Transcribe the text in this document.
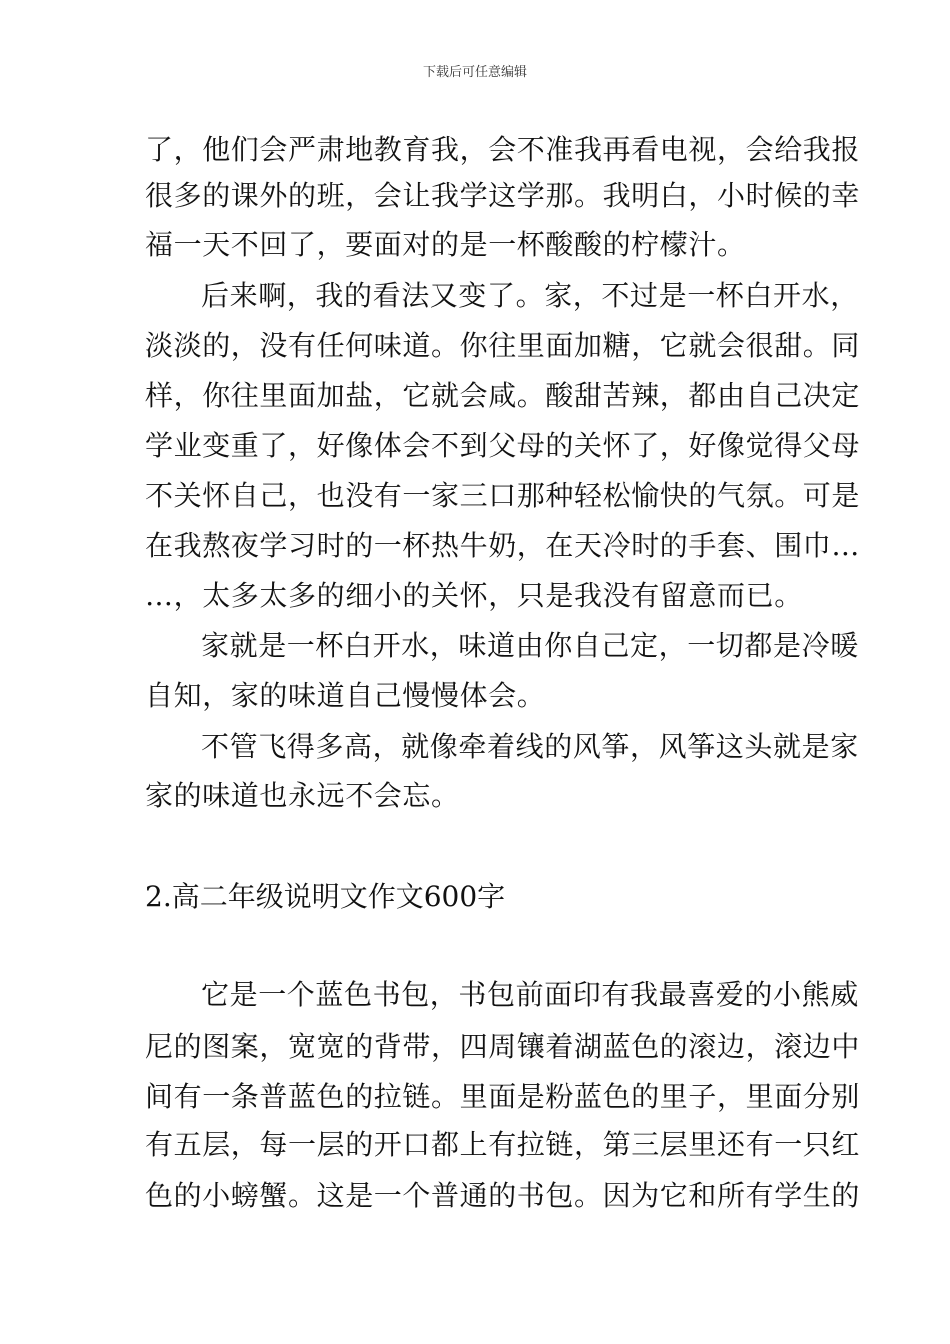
下载后可任意编辑
了，他们会严肃地教育我，会不准我再看电视，会给我报
很多的课外的班，会让我学这学那。我明白，小时候的幸
福一天不回了，要面对的是一杯酸酸的柠檬汁。
后来啊，我的看法又变了。家，不过是一杯白开水，
淡淡的，没有任何味道。你往里面加糖，它就会很甜。同
样，你往里面加盐，它就会咸。酸甜苦辣，都由自己决定
学业变重了，好像体会不到父母的关怀了，好像觉得父母
不关怀自己，也没有一家三口那种轻松愉快的气氛。可是
在我熬夜学习时的一杯热牛奶，在天冷时的手套、围巾…
…，太多太多的细小的关怀，只是我没有留意而已。
家就是一杯白开水，味道由你自己定，一切都是冷暖
自知，家的味道自己慢慢体会。
不管飞得多高，就像牵着线的风筝，风筝这头就是家
家的味道也永远不会忘。
2.高二年级说明文作文600字
它是一个蓝色书包，书包前面印有我最喜爱的小熊威
尼的图案，宽宽的背带，四周镶着湖蓝色的滚边，滚边中
间有一条普蓝色的拉链。里面是粉蓝色的里子，里面分别
有五层，每一层的开口都上有拉链，第三层里还有一只红
色的小螃蟹。这是一个普通的书包。因为它和所有学生的
